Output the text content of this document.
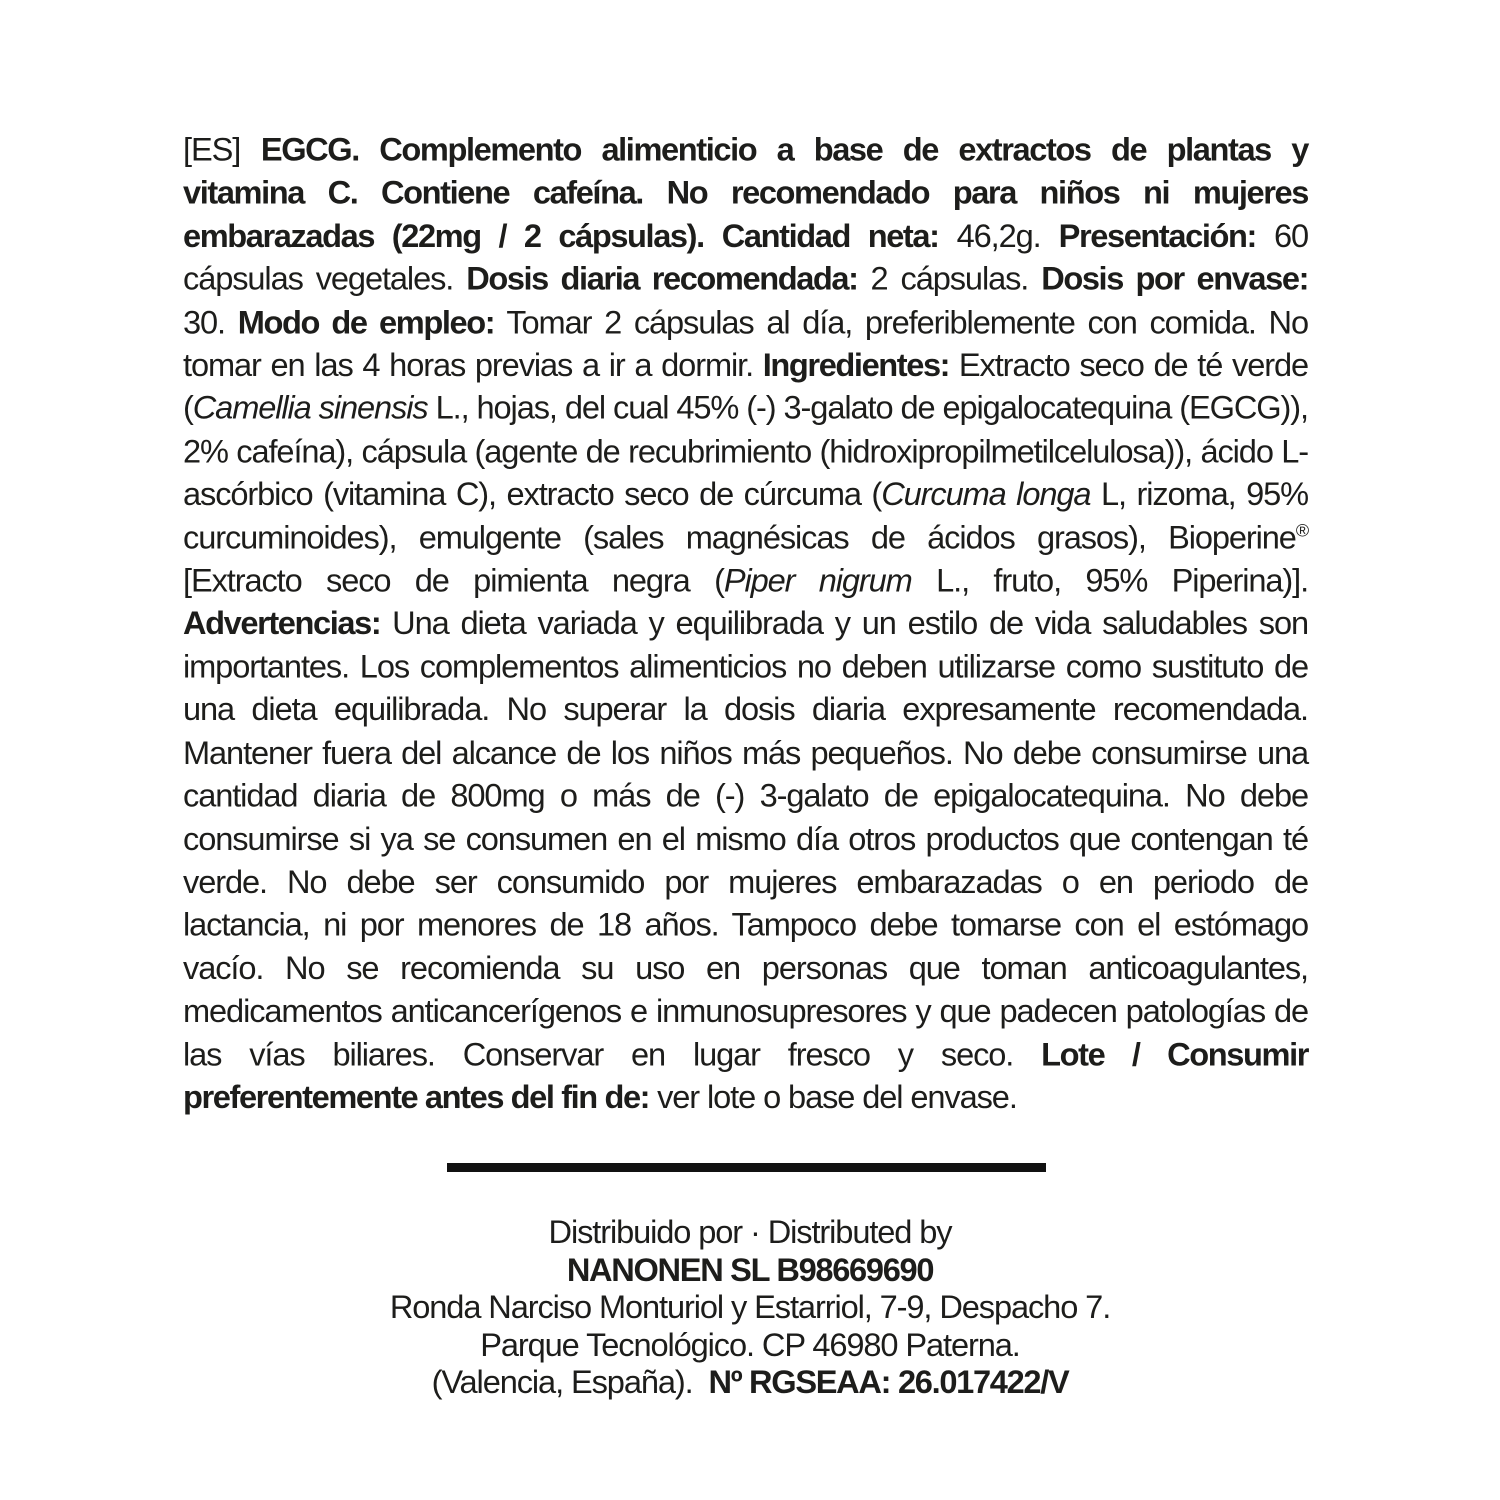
[ES] EGCG. Complemento alimenticio a base de extractos de plantas y vitamina C. Contiene cafeína. No recomendado para niños ni mujeres embarazadas (22mg / 2 cápsulas). Cantidad neta: 46,2g. Presentación: 60 cápsulas vegetales. Dosis diaria recomendada: 2 cápsulas. Dosis por envase: 30. Modo de empleo: Tomar 2 cápsulas al día, preferiblemente con comida. No tomar en las 4 horas previas a ir a dormir. Ingredientes: Extracto seco de té verde (Camellia sinensis L., hojas, del cual 45% (-) 3-galato de epigalocatequina (EGCG)), 2% cafeína), cápsula (agente de recubrimiento (hidroxipropilmetilcelulosa)), ácido L-ascórbico (vitamina C), extracto seco de cúrcuma (Curcuma longa L, rizoma, 95% curcuminoides), emulgente (sales magnésicas de ácidos grasos), Bioperine® [Extracto seco de pimienta negra (Piper nigrum L., fruto, 95% Piperina)]. Advertencias: Una dieta variada y equilibrada y un estilo de vida saludables son importantes. Los complementos alimenticios no deben utilizarse como sustituto de una dieta equilibrada. No superar la dosis diaria expresamente recomendada. Mantener fuera del alcance de los niños más pequeños. No debe consumirse una cantidad diaria de 800mg o más de (-) 3-galato de epigalocatequina. No debe consumirse si ya se consumen en el mismo día otros productos que contengan té verde. No debe ser consumido por mujeres embarazadas o en periodo de lactancia, ni por menores de 18 años. Tampoco debe tomarse con el estómago vacío. No se recomienda su uso en personas que toman anticoagulantes, medicamentos anticancerígenos e inmunosupresores y que padecen patologías de las vías biliares. Conservar en lugar fresco y seco. Lote / Consumir preferentemente antes del fin de: ver lote o base del envase.
Distribuido por · Distributed by
NANONEN SL B98669690
Ronda Narciso Monturiol y Estarriol, 7-9, Despacho 7.
Parque Tecnológico. CP 46980 Paterna.
(Valencia, España). Nº RGSEAA: 26.017422/V
